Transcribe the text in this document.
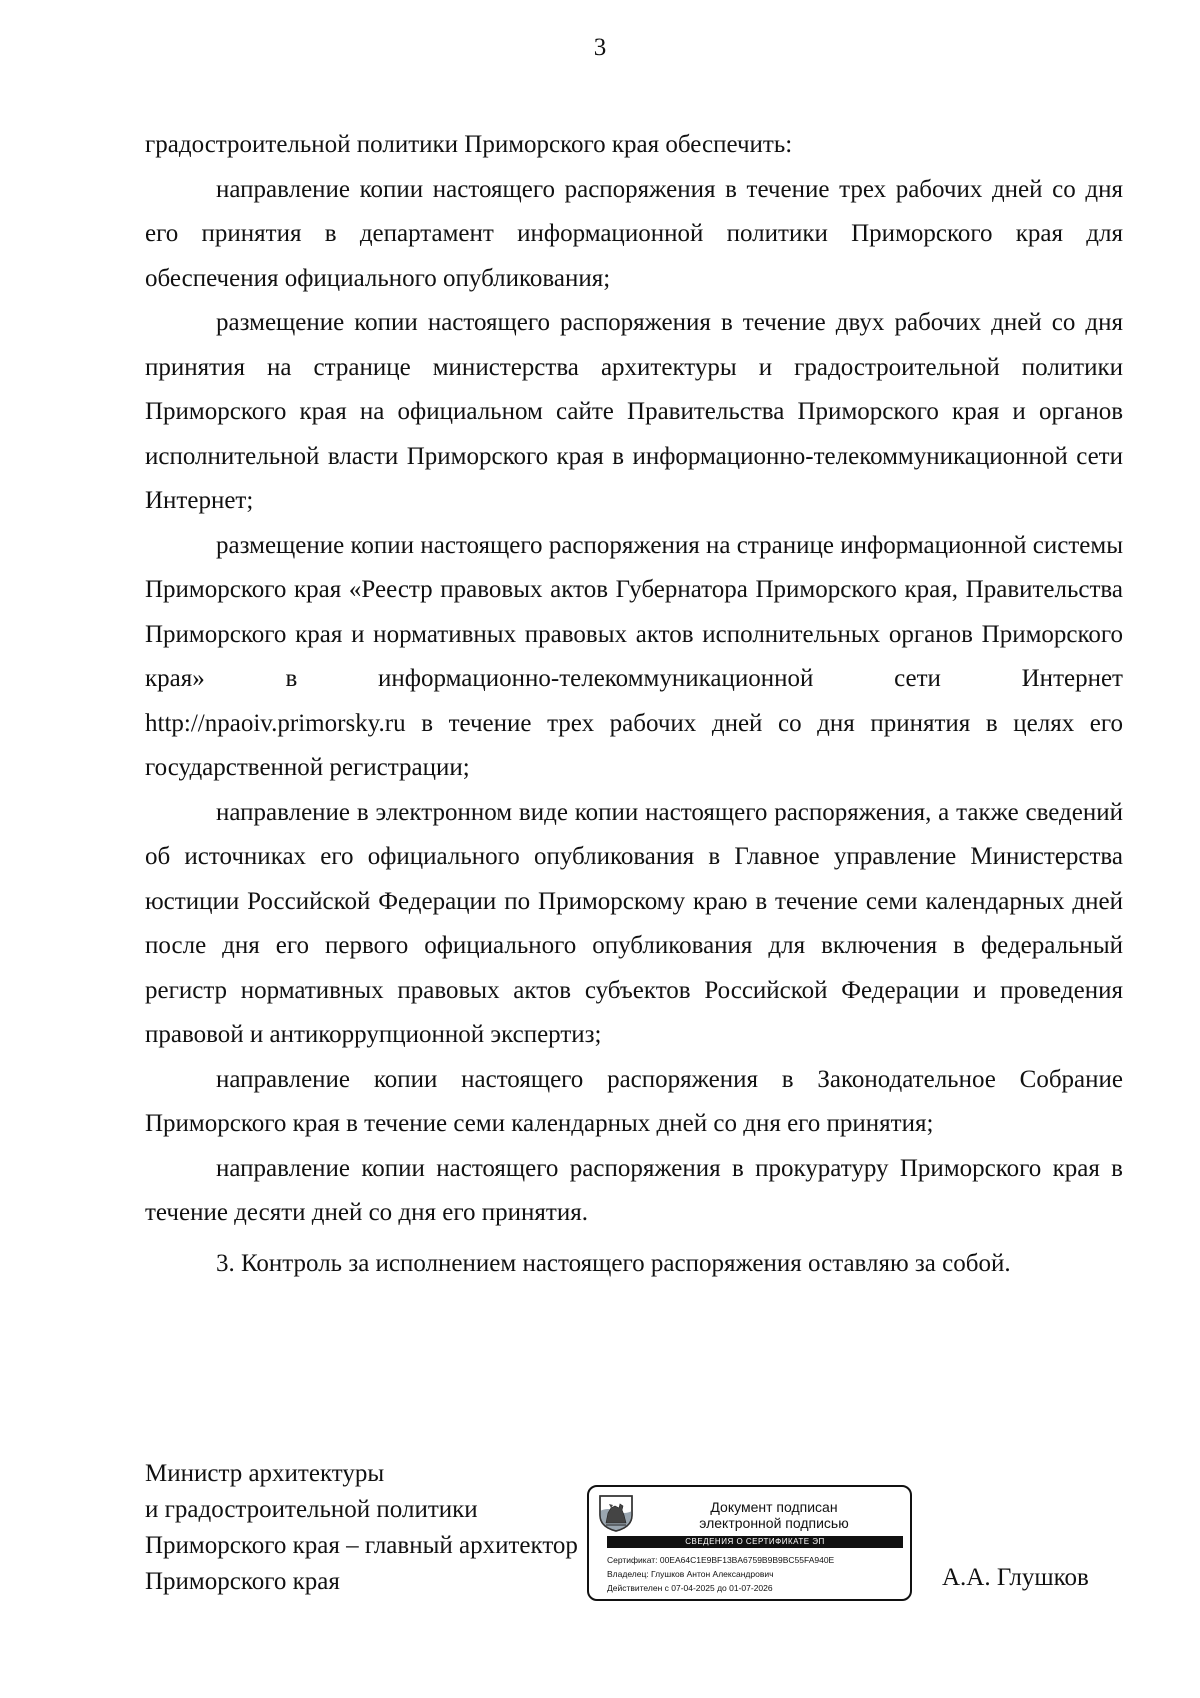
3

градостроительной политики Приморского края обеспечить:

направление копии настоящего распоряжения в течение трех рабочих дней со дня его принятия в департамент информационной политики Приморского края для обеспечения официального опубликования;

размещение копии настоящего распоряжения в течение двух рабочих дней со дня принятия на странице министерства архитектуры и градостроительной политики Приморского края на официальном сайте Правительства Приморского края и органов исполнительной власти Приморского края в информационно-телекоммуникационной сети Интернет;

размещение копии настоящего распоряжения на странице информационной системы Приморского края «Реестр правовых актов Губернатора Приморского края, Правительства Приморского края и нормативных правовых актов исполнительных органов Приморского края» в информационно-телекоммуникационной сети Интернет

http://npaoiv.primorsky.ru в течение трех рабочих дней со дня принятия в целях его государственной регистрации;

направление в электронном виде копии настоящего распоряжения, а также сведений об источниках его официального опубликования в Главное управление Министерства юстиции Российской Федерации по Приморскому краю в течение семи календарных дней после дня его первого официального опубликования для включения в федеральный регистр нормативных правовых актов субъектов Российской Федерации и проведения правовой и антикоррупционной экспертиз;

направление копии настоящего распоряжения в Законодательное Собрание Приморского края в течение семи календарных дней со дня его принятия;

направление копии настоящего распоряжения в прокуратуру Приморского края в течение десяти дней со дня его принятия.

3. Контроль за исполнением настоящего распоряжения оставляю за собой.

Министр архитектуры
и градостроительной политики
Приморского края – главный архитектор
Приморского края
Документ подписан
электронной подписью
СВЕДЕНИЯ О СЕРТИФИКАТЕ ЭП
Сертификат: 00EA64C1E9BF13BA6759B9B9BC55FA940E
Владелец: Глушков Антон Александрович
Действителен с 07-04-2025 до 01-07-2026	А.А. Глушков
